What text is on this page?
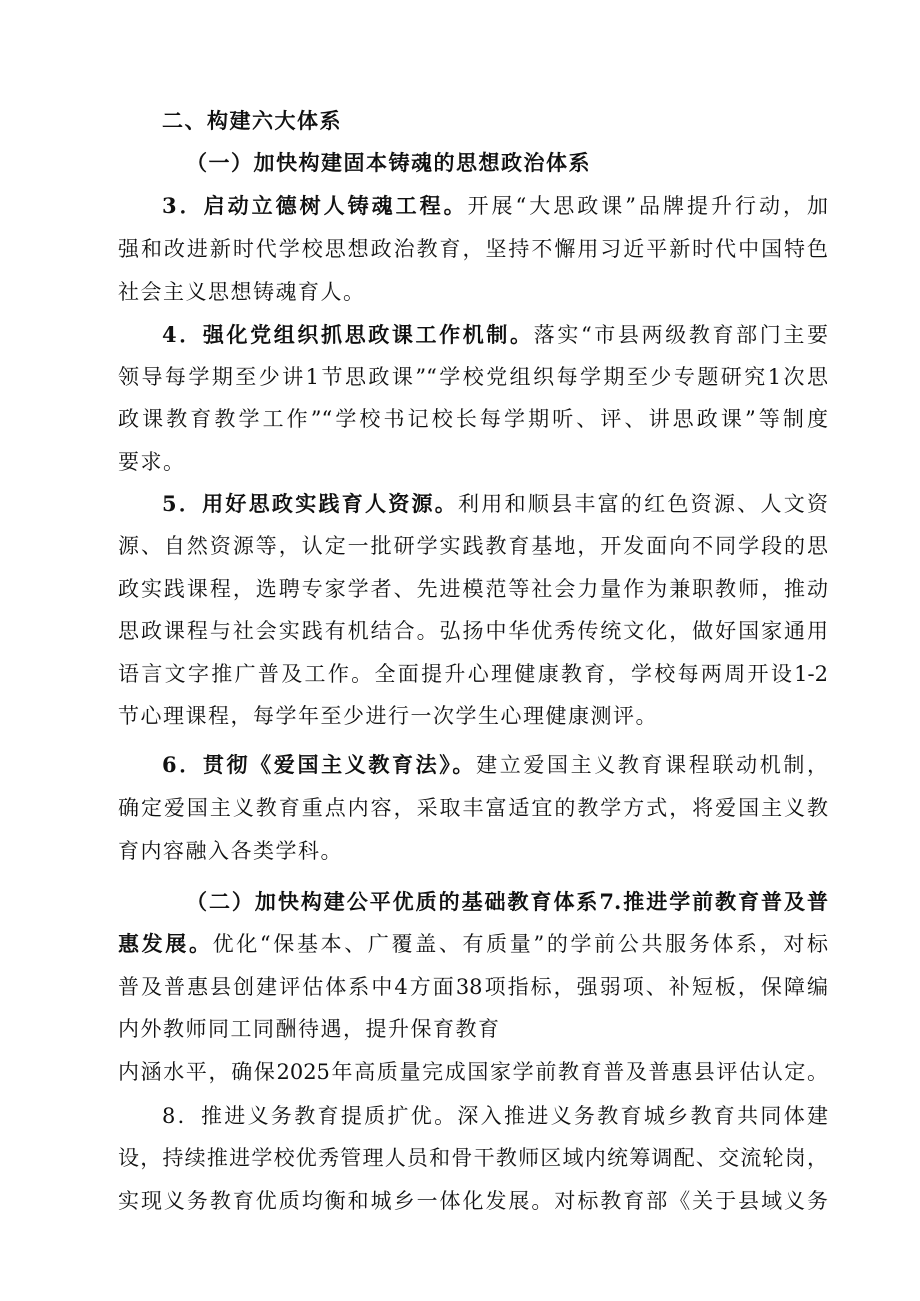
二、构建六大体系
（一）加快构建固本铸魂的思想政治体系
3．启动立德树人铸魂工程。开展“大思政课”品牌提升行动，加
强和改进新时代学校思想政治教育，坚持不懈用习近平新时代中国特色
社会主义思想铸魂育人。
4．强化党组织抓思政课工作机制。落实“市县两级教育部门主要
领导每学期至少讲1节思政课”“学校党组织每学期至少专题研究1次思
政课教育教学工作”“学校书记校长每学期听、评、讲思政课”等制度
要求。
5．用好思政实践育人资源。利用和顺县丰富的红色资源、人文资
源、自然资源等，认定一批研学实践教育基地，开发面向不同学段的思
政实践课程，选聘专家学者、先进模范等社会力量作为兼职教师，推动
思政课程与社会实践有机结合。弘扬中华优秀传统文化，做好国家通用
语言文字推广普及工作。全面提升心理健康教育，学校每两周开设1-2
节心理课程，每学年至少进行一次学生心理健康测评。
6．贯彻《爱国主义教育法》。建立爱国主义教育课程联动机制，
确定爱国主义教育重点内容，采取丰富适宜的教学方式，将爱国主义教
育内容融入各类学科。
（二）加快构建公平优质的基础教育体系7.推进学前教育普及普
惠发展。优化“保基本、广覆盖、有质量”的学前公共服务体系，对标
普及普惠县创建评估体系中4方面38项指标，强弱项、补短板，保障编
内外教师同工同酬待遇，提升保育教育
内涵水平，确保2025年高质量完成国家学前教育普及普惠县评估认定。
8．推进义务教育提质扩优。深入推进义务教育城乡教育共同体建
设，持续推进学校优秀管理人员和骨干教师区域内统筹调配、交流轮岗，
实现义务教育优质均衡和城乡一体化发展。对标教育部《关于县域义务
